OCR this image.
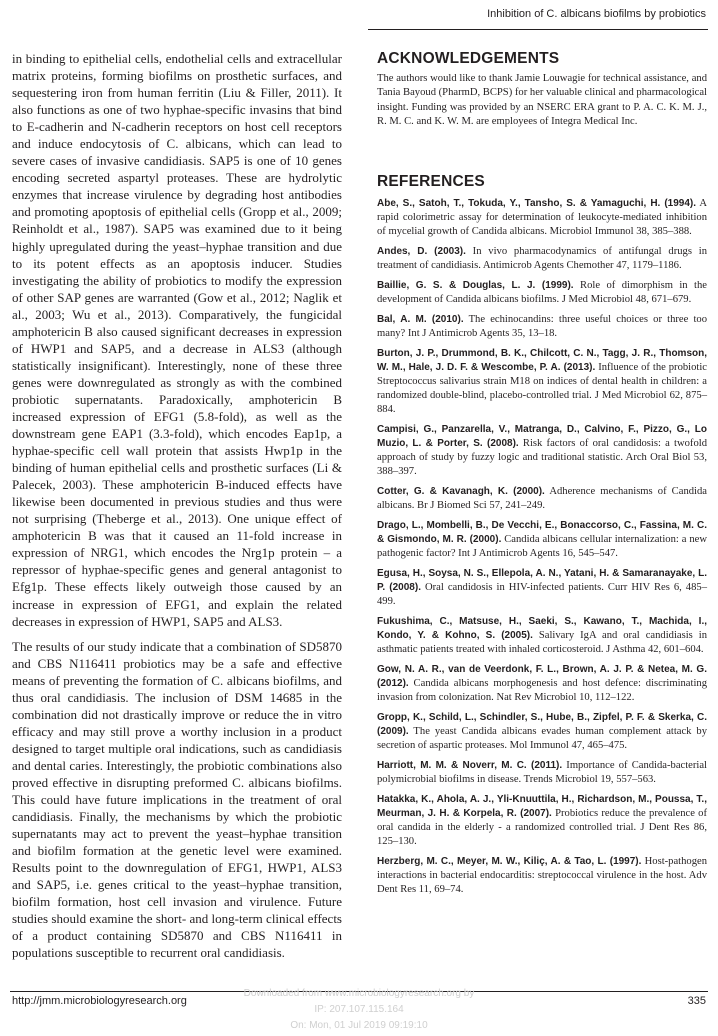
Inhibition of C. albicans biofilms by probiotics

in binding to epithelial cells, endothelial cells and extracellular matrix proteins, forming biofilms on prosthetic surfaces, and sequestering iron from human ferritin (Liu & Filler, 2011). It also functions as one of two hyphae-specific invasins that bind to E-cadherin and N-cadherin receptors on host cell receptors and induce endocytosis of C. albicans, which can lead to severe cases of invasive candidiasis. SAP5 is one of 10 genes encoding secreted aspartyl proteases. These are hydrolytic enzymes that increase virulence by degrading host antibodies and promoting apoptosis of epithelial cells (Gropp et al., 2009; Reinholdt et al., 1987). SAP5 was examined due to it being highly upregulated during the yeast–hyphae transition and due to its potent effects as an apoptosis inducer. Studies investigating the ability of probiotics to modify the expression of other SAP genes are warranted (Gow et al., 2012; Naglik et al., 2003; Wu et al., 2013). Comparatively, the fungicidal amphotericin B also caused significant decreases in expression of HWP1 and SAP5, and a decrease in ALS3 (although statistically insignificant). Interestingly, none of these three genes were downregulated as strongly as with the combined probiotic supernatants. Paradoxically, amphotericin B increased expression of EFG1 (5.8-fold), as well as the downstream gene EAP1 (3.3-fold), which encodes Eap1p, a hyphae-specific cell wall protein that assists Hwp1p in the binding of human epithelial cells and prosthetic surfaces (Li & Palecek, 2003). These amphotericin B-induced effects have likewise been documented in previous studies and thus were not surprising (Theberge et al., 2013). One unique effect of amphotericin B was that it caused an 11-fold increase in expression of NRG1, which encodes the Nrg1p protein – a repressor of hyphae-specific genes and general antagonist to Efg1p. These effects likely outweigh those caused by an increase in expression of EFG1, and explain the related decreases in expression of HWP1, SAP5 and ALS3.

The results of our study indicate that a combination of SD5870 and CBS N116411 probiotics may be a safe and effective means of preventing the formation of C. albicans biofilms, and thus oral candidiasis. The inclusion of DSM 14685 in the combination did not drastically improve or reduce the in vitro efficacy and may still prove a worthy inclusion in a product designed to target multiple oral indications, such as candidiasis and dental caries. Interestingly, the probiotic combinations also proved effective in disrupting preformed C. albicans biofilms. This could have future implications in the treatment of oral candidiasis. Finally, the mechanisms by which the probiotic supernatants may act to prevent the yeast–hyphae transition and biofilm formation at the genetic level were examined. Results point to the downregulation of EFG1, HWP1, ALS3 and SAP5, i.e. genes critical to the yeast–hyphae transition, biofilm formation, host cell invasion and virulence. Future studies should examine the short- and long-term clinical effects of a product containing SD5870 and CBS N116411 in populations susceptible to recurrent oral candidiasis.

ACKNOWLEDGEMENTS

The authors would like to thank Jamie Louwagie for technical assistance, and Tania Bayoud (PharmD, BCPS) for her valuable clinical and pharmacological insight. Funding was provided by an NSERC ERA grant to P. A. C. K. M. J., R. M. C. and K. W. M. are employees of Integra Medical Inc.

REFERENCES
Abe, S., Satoh, T., Tokuda, Y., Tansho, S. & Yamaguchi, H. (1994). A rapid colorimetric assay for determination of leukocyte-mediated inhibition of mycelial growth of Candida albicans. Microbiol Immunol 38, 385–388.
Andes, D. (2003). In vivo pharmacodynamics of antifungal drugs in treatment of candidiasis. Antimicrob Agents Chemother 47, 1179–1186.
Baillie, G. S. & Douglas, L. J. (1999). Role of dimorphism in the development of Candida albicans biofilms. J Med Microbiol 48, 671–679.
Bal, A. M. (2010). The echinocandins: three useful choices or three too many? Int J Antimicrob Agents 35, 13–18.
Burton, J. P., Drummond, B. K., Chilcott, C. N., Tagg, J. R., Thomson, W. M., Hale, J. D. F. & Wescombe, P. A. (2013). Influence of the probiotic Streptococcus salivarius strain M18 on indices of dental health in children: a randomized double-blind, placebo-controlled trial. J Med Microbiol 62, 875–884.
Campisi, G., Panzarella, V., Matranga, D., Calvino, F., Pizzo, G., Lo Muzio, L. & Porter, S. (2008). Risk factors of oral candidosis: a twofold approach of study by fuzzy logic and traditional statistic. Arch Oral Biol 53, 388–397.
Cotter, G. & Kavanagh, K. (2000). Adherence mechanisms of Candida albicans. Br J Biomed Sci 57, 241–249.
Drago, L., Mombelli, B., De Vecchi, E., Bonaccorso, C., Fassina, M. C. & Gismondo, M. R. (2000). Candida albicans cellular internalization: a new pathogenic factor? Int J Antimicrob Agents 16, 545–547.
Egusa, H., Soysa, N. S., Ellepola, A. N., Yatani, H. & Samaranayake, L. P. (2008). Oral candidosis in HIV-infected patients. Curr HIV Res 6, 485–499.
Fukushima, C., Matsuse, H., Saeki, S., Kawano, T., Machida, I., Kondo, Y. & Kohno, S. (2005). Salivary IgA and oral candidiasis in asthmatic patients treated with inhaled corticosteroid. J Asthma 42, 601–604.
Gow, N. A. R., van de Veerdonk, F. L., Brown, A. J. P. & Netea, M. G. (2012). Candida albicans morphogenesis and host defence: discriminating invasion from colonization. Nat Rev Microbiol 10, 112–122.
Gropp, K., Schild, L., Schindler, S., Hube, B., Zipfel, P. F. & Skerka, C. (2009). The yeast Candida albicans evades human complement attack by secretion of aspartic proteases. Mol Immunol 47, 465–475.
Harriott, M. M. & Noverr, M. C. (2011). Importance of Candida-bacterial polymicrobial biofilms in disease. Trends Microbiol 19, 557–563.
Hatakka, K., Ahola, A. J., Yli-Knuuttila, H., Richardson, M., Poussa, T., Meurman, J. H. & Korpela, R. (2007). Probiotics reduce the prevalence of oral candida in the elderly - a randomized controlled trial. J Dent Res 86, 125–130.
Herzberg, M. C., Meyer, M. W., Kiliç, A. & Tao, L. (1997). Host-pathogen interactions in bacterial endocarditis: streptococcal virulence in the host. Adv Dent Res 11, 69–74.
http://jmm.microbiologyresearch.org	335
Downloaded from www.microbiologyresearch.org by
IP: 207.107.115.164
On: Mon, 01 Jul 2019 09:19:10
